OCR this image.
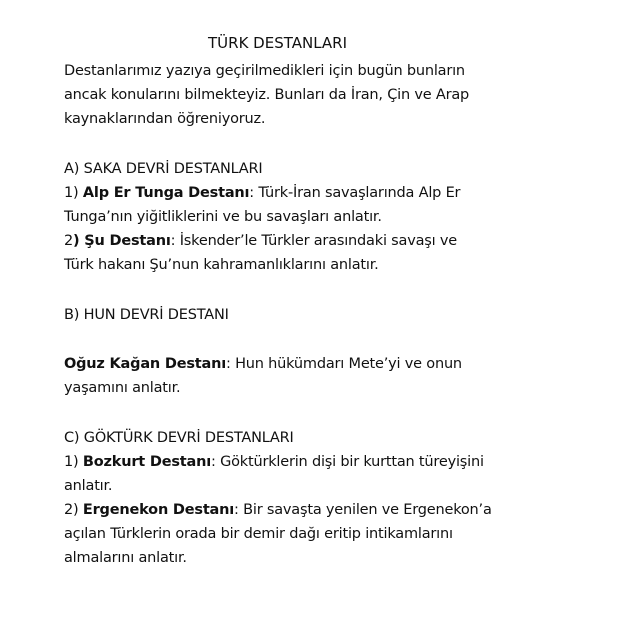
TÜRK DESTANLARI
Destanlarımız yazıya geçirilmedikleri için bugün bunların
ancak konularını bilmekteyiz. Bunları da İran, Çin ve Arap
kaynaklarından öğreniyoruz.
A) SAKA DEVRİ DESTANLARI
1) Alp Er Tunga Destanı: Türk-İran savaşlarında Alp Er
Tunga’nın yiğitliklerini ve bu savaşları anlatır.
2) Şu Destanı: İskender’le Türkler arasındaki savaşı ve
Türk hakanı Şu’nun kahramanlıklarını anlatır.
B) HUN DEVRİ DESTANI
Oğuz Kağan Destanı: Hun hükümdarı Mete’yi ve onun
yaşamını anlatır.
C) GÖKTÜRK DEVRİ DESTANLARI
1) Bozkurt Destanı: Göktürklerin dişi bir kurttan türeyişini
anlatır.
2) Ergenekon Destanı: Bir savaşta yenilen ve Ergenekon’a
açılan Türklerin orada bir demir dağı eritip intikamlarını
almalarını anlatır.
